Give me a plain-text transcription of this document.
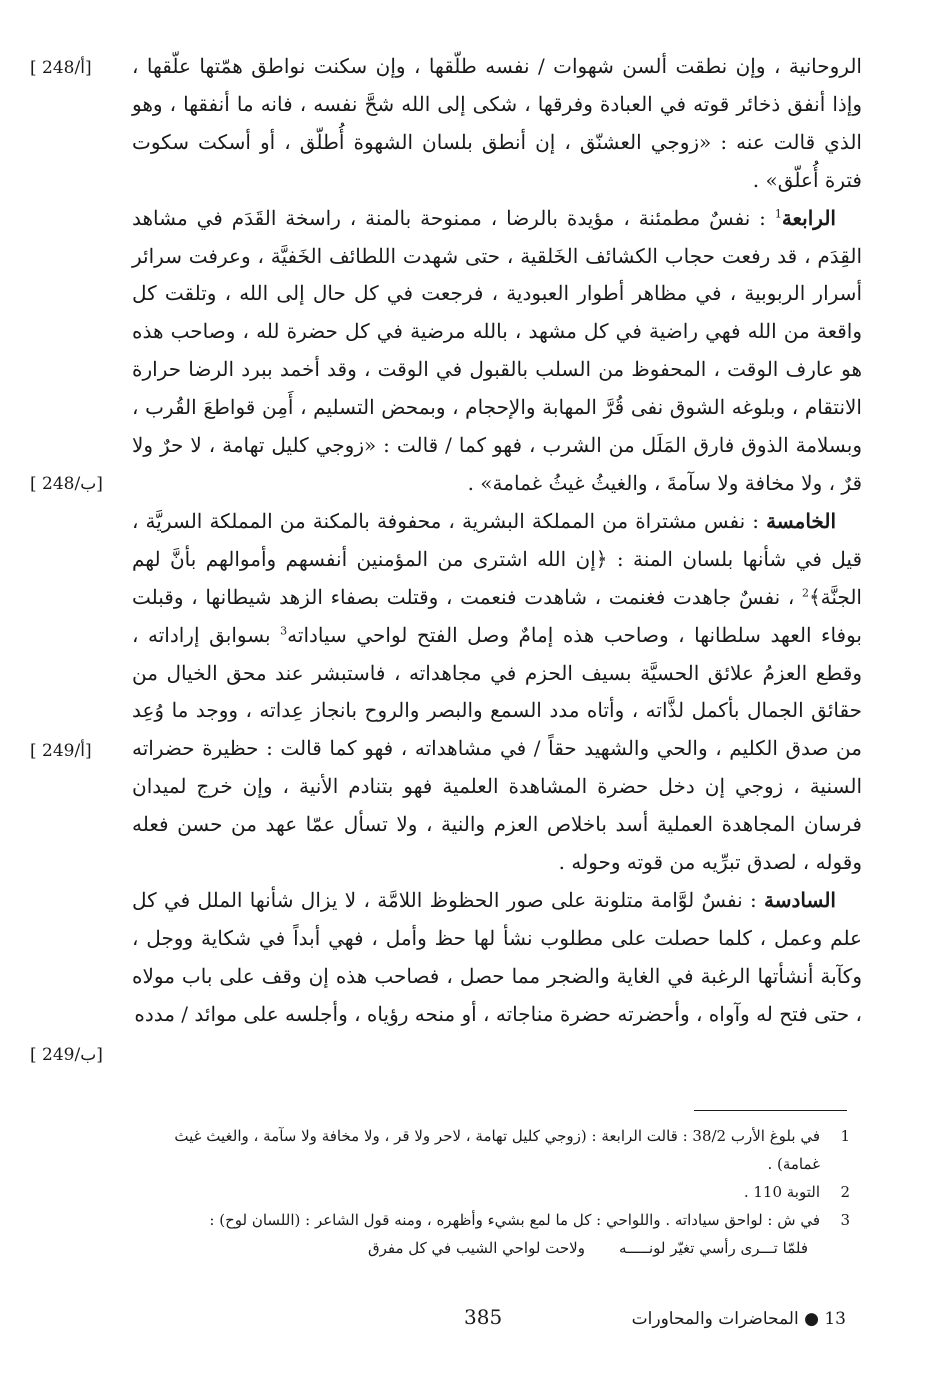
[ 248/أ]
[ 248/ب]
[ 249/أ]
[ 249/ب]

الروحانية ، وإن نطقت ألسن شهوات / نفسه طلّقها ، وإن سكنت نواطق همّتها علّقها ، وإذا أنفق ذخائر قوته في العبادة وفرقها ، شكى إلى الله شحَّ نفسه ، فانه ما أنفقها ، وهو الذي قالت عنه : «زوجي العشنّق ، إن أنطق بلسان الشهوة أُطلّق ، أو أسكت سكوت فترة أُعلّق» .

الرابعة$^1$ : نفسٌ مطمئنة ، مؤيدة بالرضا ، ممنوحة بالمنة ، راسخة القَدَم في مشاهد القِدَم ، قد رفعت حجاب الكشائف الخَلقية ، حتى شهدت اللطائف الخَفيَّة ، وعرفت سرائر أسرار الربوبية ، في مظاهر أطوار العبودية ، فرجعت في كل حال إلى الله ، وتلقت كل واقعة من الله فهي راضية في كل مشهد ، بالله مرضية في كل حضرة لله ، وصاحب هذه هو عارف الوقت ، المحفوظ من السلب بالقبول في الوقت ، وقد أخمد ببرد الرضا حرارة الانتقام ، وبلوغه الشوق نفى قُرَّ المهابة والإحجام ، وبمحض التسليم ، أَمِن قواطعَ القُرب ، وبسلامة الذوق فارق المَلَل من الشرب ، فهو كما / قالت : «زوجي كليل تهامة ، لا حرٌ ولا قرٌ ، ولا مخافة ولا سآمةَ ، والغيثُ غيثُ غمامة» .

الخامسة : نفس مشتراة من المملكة البشرية ، محفوفة بالمكنة من المملكة السريَّة ، قيل في شأنها بلسان المنة : ﴿إن الله اشترى من المؤمنين أنفسهم وأموالهم بأنَّ لهم الجنَّة﴾$^2$ ، نفسٌ جاهدت فغنمت ، شاهدت فنعمت ، وقتلت بصفاء الزهد شيطانها ، وقبلت بوفاء العهد سلطانها ، وصاحب هذه إمامٌ وصل الفتح لواحي سياداته$^3$ بسوابق إراداته ، وقطع العزمُ علائق الحسيَّة بسيف الحزم في مجاهداته ، فاستبشر عند محق الخيال من حقائق الجمال بأكمل لذَّاته ، وأتاه مدد السمع والبصر والروح بانجاز عِداته ، ووجد ما وُعِد من صدق الكليم ، والحي والشهيد حقاً / في مشاهداته ، فهو كما قالت : حظيرة حضراته السنية ، زوجي إن دخل حضرة المشاهدة العلمية فهو بتنادم الأنية ، وإن خرج لميدان فرسان المجاهدة العملية أسد باخلاص العزم والنية ، ولا تسأل عمّا عهد من حسن فعله وقوله ، لصدق تبرِّيه من قوته وحوله .

السادسة : نفسٌ لوَّامة متلونة على صور الحظوظ اللامَّة ، لا يزال شأنها الملل في كل علم وعمل ، كلما حصلت على مطلوب نشأ لها حظ وأمل ، فهي أبداً في شكاية ووجل ، وكآبة أنشأتها الرغبة في الغاية والضجر مما حصل ، فصاحب هذه إن وقف على باب مولاه ، حتى فتح له وآواه ، وأحضرته حضرة مناجاته ، أو منحه رؤياه ، وأجلسه على موائد / مدده

1
في بلوغ الأرب 38/2 : قالت الرابعة : (زوجي كليل تهامة ، لاحر ولا قر ، ولا مخافة ولا سآمة ، والغيث غيث غمامة) .
2
التوبة 110 .
3
في ش : لواحق سياداته . واللواحي : كل ما لمع بشيء وأظهره ، ومنه قول الشاعر : (اللسان لوح) :
فلمّا تـــرى رأسي تغيّر لونـــــه
ولاحت لواحي الشيب في كل مفرق
385	13 ● المحاضرات والمحاورات
